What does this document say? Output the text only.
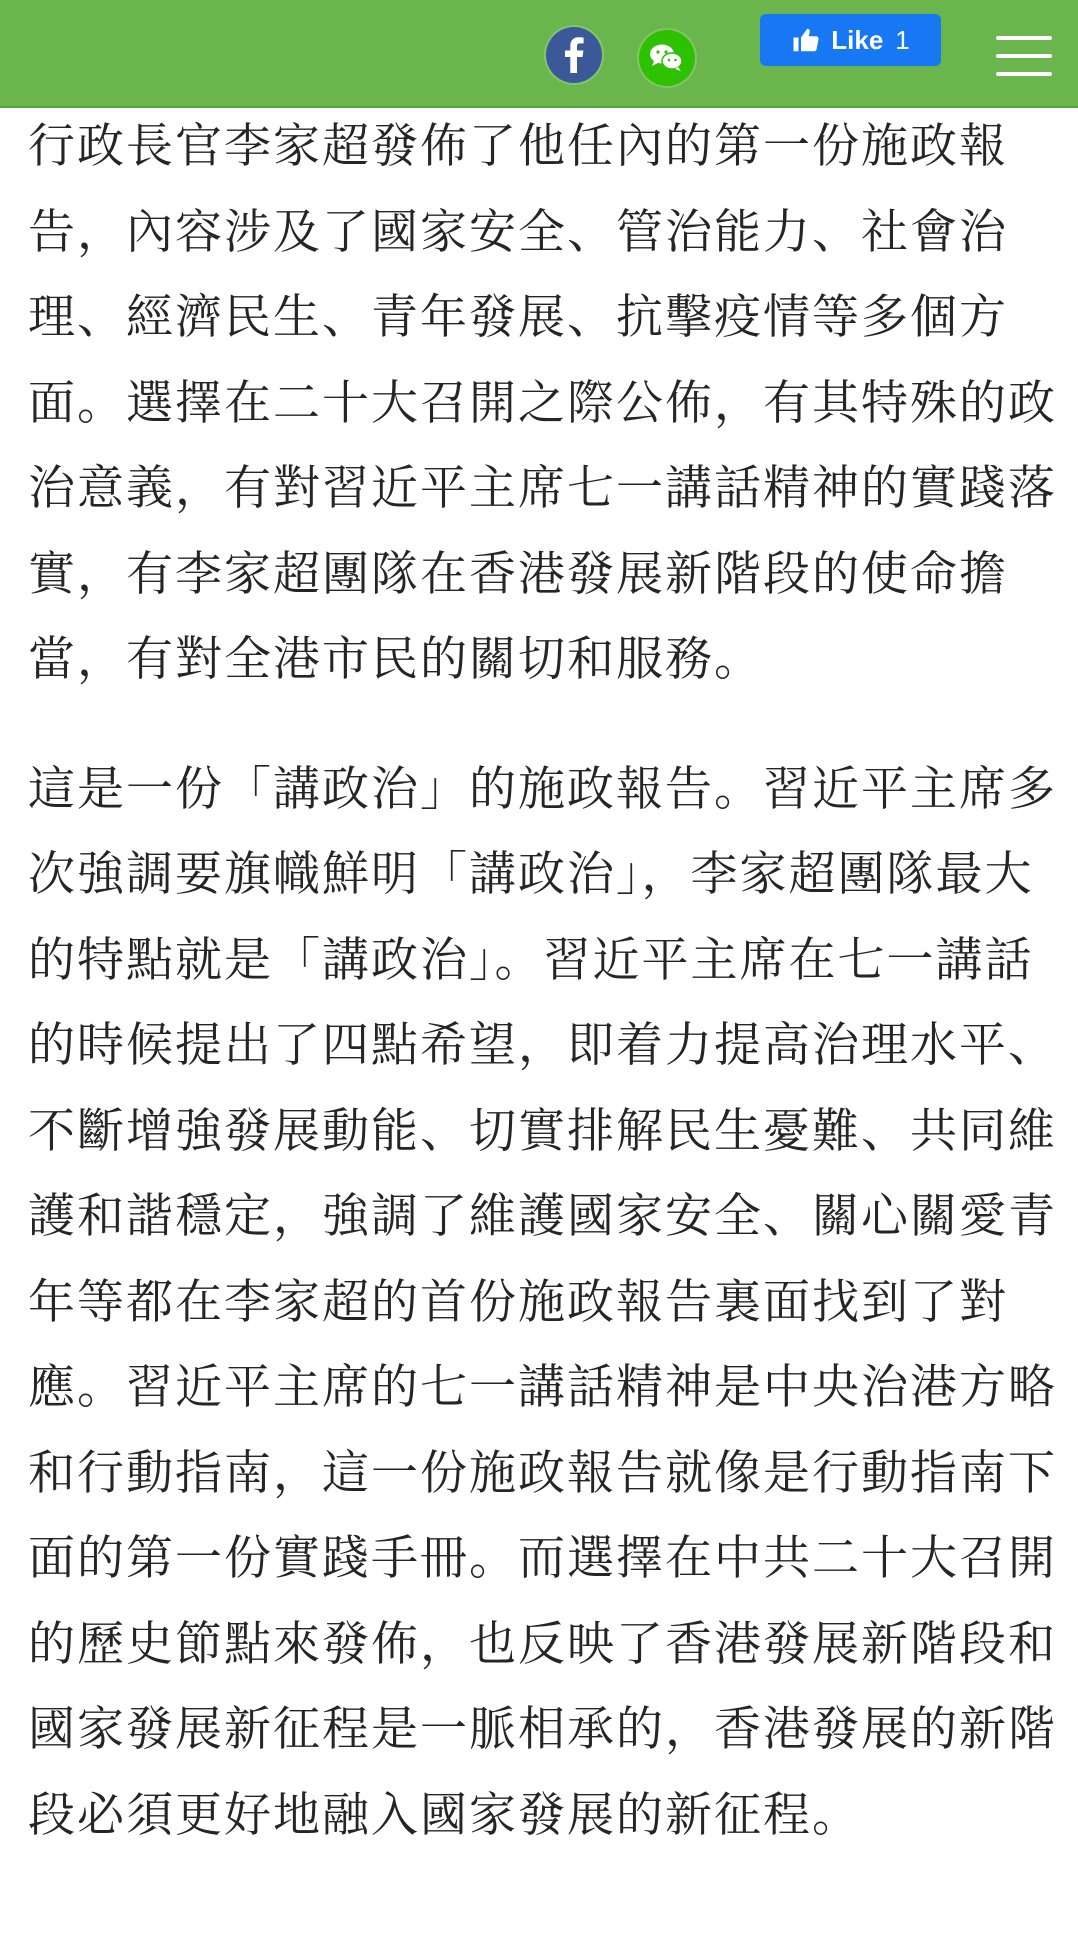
Like 1

行政長官李家超發佈了他任內的第一份施政報告，內容涉及了國家安全、管治能力、社會治理、經濟民生、青年發展、抗擊疫情等多個方面。選擇在二十大召開之際公佈，有其特殊的政治意義，有對習近平主席七一講話精神的實踐落實，有李家超團隊在香港發展新階段的使命擔當，有對全港市民的關切和服務。

這是一份「講政治」的施政報告。習近平主席多次強調要旗幟鮮明「講政治」，李家超團隊最大的特點就是「講政治」。習近平主席在七一講話的時候提出了四點希望，即着力提高治理水平、不斷增強發展動能、切實排解民生憂難、共同維護和諧穩定，強調了維護國家安全、關心關愛青年等都在李家超的首份施政報告裏面找到了對應。習近平主席的七一講話精神是中央治港方略和行動指南，這一份施政報告就像是行動指南下面的第一份實踐手冊。而選擇在中共二十大召開的歷史節點來發佈，也反映了香港發展新階段和國家發展新征程是一脈相承的，香港發展的新階段必須更好地融入國家發展的新征程。
